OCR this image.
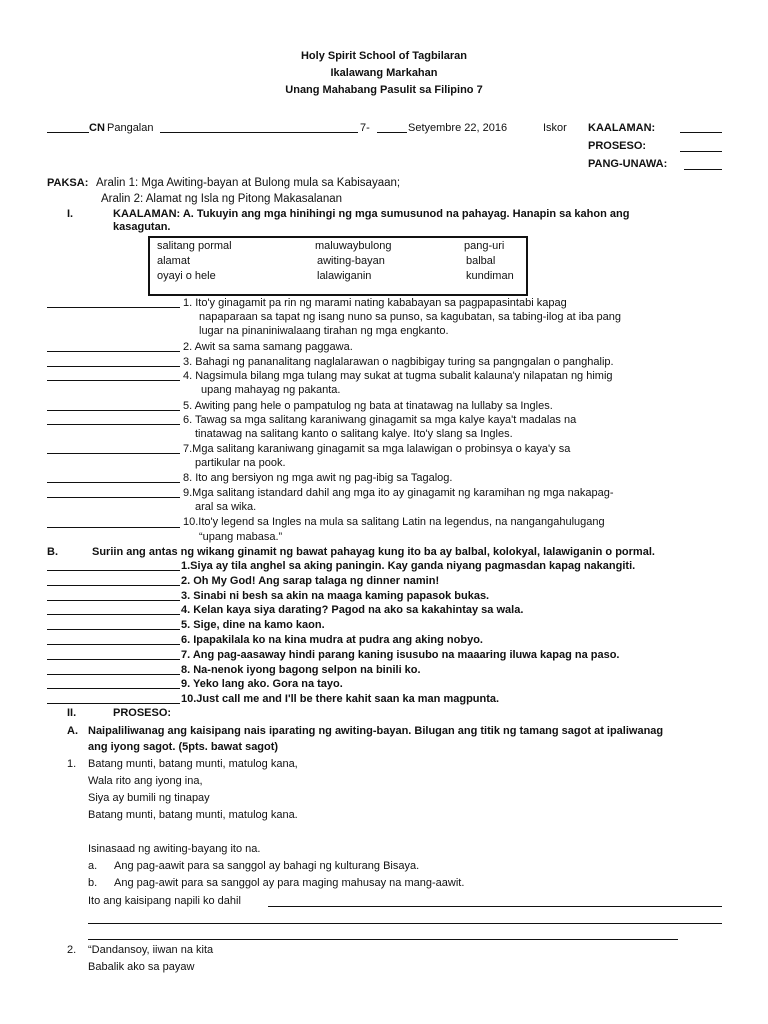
Holy Spirit School of Tagbilaran
Ikalawang Markahan
Unang Mahabang Pasulit sa Filipino 7
CN Pangalan	7-	Setyembre 22, 2016	Iskor KAALAMAN:
PROSESO:
PANG-UNAWA:
PAKSA: Aralin 1: Mga Awiting-bayan at Bulong mula sa Kabisayaan;
Aralin 2: Alamat ng Isla ng Pitong Makasalanan
I.	KAALAMAN: A. Tukuyin ang mga hinihingi ng mga sumusunod na pahayag. Hanapin sa kahon ang
kasagutan.
salitang pormal	maluwaybulong	pang-uri
alamat	awiting-bayan	balbal
oyayi o hele	lalawiganin	kundiman
1. Ito'y ginagamit pa rin ng marami nating kababayan sa pagpapasintabi kapag
napaparaan sa tapat ng isang nuno sa punso, sa kagubatan, sa tabing-ilog at iba pang
lugar na pinaniniwalaang tirahan ng mga engkanto.
2. Awit sa sama samang paggawa.
3. Bahagi ng pananalitang naglalarawan o nagbibigay turing sa pangngalan o panghalip.
4. Nagsimula bilang mga tulang may sukat at tugma subalit kalauna'y nilapatan ng himig
upang mahayag ng pakanta.
5. Awiting pang hele o pampatulog ng bata at tinatawag na lullaby sa Ingles.
6. Tawag sa mga salitang karaniwang ginagamit sa mga kalye kaya't madalas na
tinatawag na salitang kanto o salitang kalye. Ito'y slang sa Ingles.
7.Mga salitang karaniwang ginagamit sa mga lalawigan o probinsya o kaya'y sa
partikular na pook.
8. Ito ang bersiyon ng mga awit ng pag-ibig sa Tagalog.
9.Mga salitang istandard dahil ang mga ito ay ginagamit ng karamihan ng mga nakapag-
aral sa wika.
10.Ito'y legend sa Ingles na mula sa salitang Latin na legendus, na nangangahulugang
“upang mabasa.”
B.	Suriin ang antas ng wikang ginamit ng bawat pahayag kung ito ba ay balbal, kolokyal, lalawiganin o pormal.
1.Siya ay tila anghel sa aking paningin. Kay ganda niyang pagmasdan kapag nakangiti.
2. Oh My God! Ang sarap talaga ng dinner namin!
3. Sinabi ni besh sa akin na maaga kaming papasok bukas.
4. Kelan kaya siya darating? Pagod na ako sa kakahintay sa wala.
5. Sige, dine na kamo kaon.
6. Ipapakilala ko na kina mudra at pudra ang aking nobyo.
7. Ang pag-aasaway hindi parang kaning isusubo na maaaring iluwa kapag na paso.
8. Na-nenok iyong bagong selpon na binili ko.
9. Yeko lang ako. Gora na tayo.
10.Just call me and I'll be there kahit saan ka man magpunta.
II.	PROSESO:
A. Naipaliliwanag ang kaisipang nais iparating ng awiting-bayan. Bilugan ang titik ng tamang sagot at ipaliwanag
ang iyong sagot. (5pts. bawat sagot)
1. Batang munti, batang munti, matulog kana,
Wala rito ang iyong ina,
Siya ay bumili ng tinapay
Batang munti, batang munti, matulog kana.
Isinasaad ng awiting-bayang ito na.
a. Ang pag-aawit para sa sanggol ay bahagi ng kulturang Bisaya.
b. Ang pag-awit para sa sanggol ay para maging mahusay na mang-aawit.
Ito ang kaisipang napili ko dahil
2. “Dandansoy, iiwan na kita
Babalik ako sa payaw
